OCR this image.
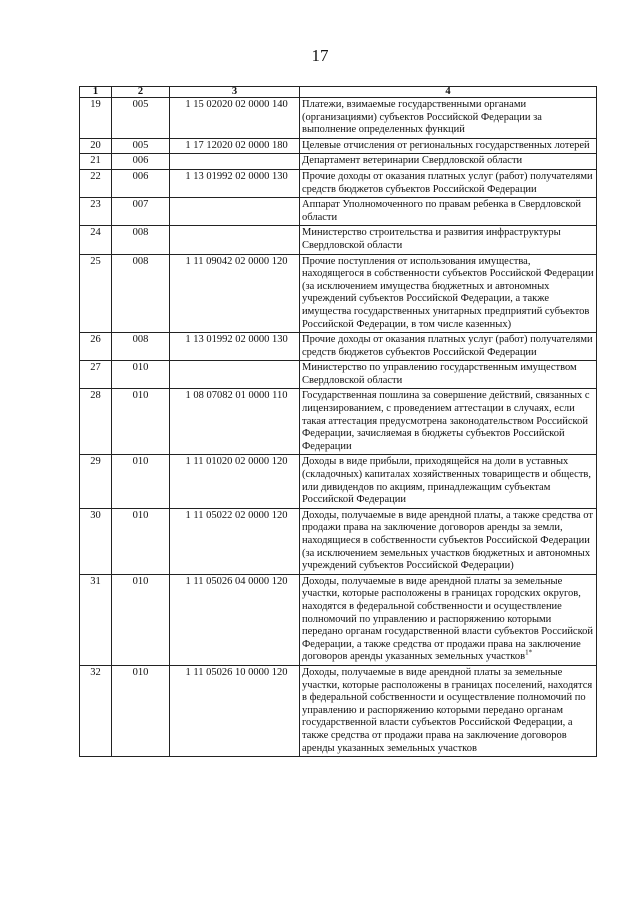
17
1	2	3	4
19	005	1 15 02020 02 0000 140	Платежи, взимаемые государственными органами (организациями) субъектов Российской Федерации за выполнение определенных функций
20	005	1 17 12020 02 0000 180	Целевые отчисления от региональных государственных лотерей
21	006		Департамент ветеринарии Свердловской области
22	006	1 13 01992 02 0000 130	Прочие доходы от оказания платных услуг (работ) получателями средств бюджетов субъектов Российской Федерации
23	007		Аппарат Уполномоченного по правам ребенка в Свердловской области
24	008		Министерство строительства и развития инфраструктуры Свердловской области
25	008	1 11 09042 02 0000 120	Прочие поступления от использования имущества, находящегося в собственности субъектов Российской Федерации (за исключением имущества бюджетных и автономных учреждений субъектов Российской Федерации, а также имущества государственных унитарных предприятий субъектов Российской Федерации, в том числе казенных)
26	008	1 13 01992 02 0000 130	Прочие доходы от оказания платных услуг (работ) получателями средств бюджетов субъектов Российской Федерации
27	010		Министерство по управлению государственным имуществом Свердловской области
28	010	1 08 07082 01 0000 110	Государственная пошлина за совершение действий, связанных с лицензированием, с проведением аттестации в случаях, если такая аттестация предусмотрена законодательством Российской Федерации, зачисляемая в бюджеты субъектов Российской Федерации
29	010	1 11 01020 02 0000 120	Доходы в виде прибыли, приходящейся на доли в уставных (складочных) капиталах хозяйственных товариществ и обществ, или дивидендов по акциям, принадлежащим субъектам Российской Федерации
30	010	1 11 05022 02 0000 120	Доходы, получаемые в виде арендной платы, а также средства от продажи права на заключение договоров аренды за земли, находящиеся в собственности субъектов Российской Федерации (за исключением земельных участков бюджетных и автономных учреждений субъектов Российской Федерации)
31	010	1 11 05026 04 0000 120	Доходы, получаемые в виде арендной платы за земельные участки, которые расположены в границах городских округов, находятся в федеральной собственности и осуществление полномочий по управлению и распоряжению которыми передано органам государственной власти субъектов Российской Федерации, а также средства от продажи права на заключение договоров аренды указанных земельных участков$^{1*}$
32	010	1 11 05026 10 0000 120	Доходы, получаемые в виде арендной платы за земельные участки, которые расположены в границах поселений, находятся в федеральной собственности и осуществление полномочий по управлению и распоряжению которыми передано органам государственной власти субъектов Российской Федерации, а также средства от продажи права на заключение договоров аренды указанных земельных участков
